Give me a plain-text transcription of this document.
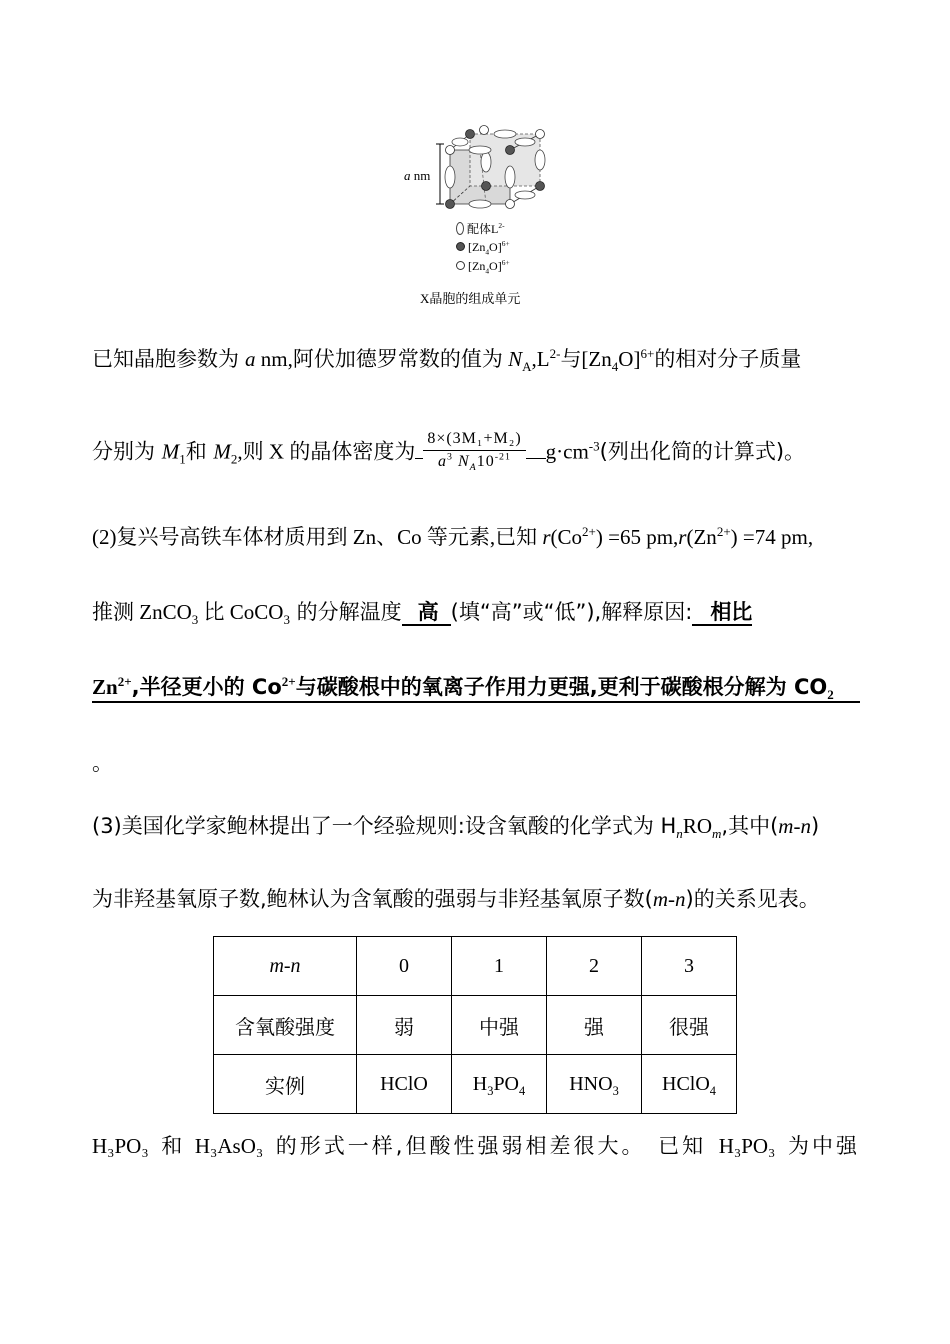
a nm
配体$L^{2-}$
$[Zn_4O]^{6+}$
$[Zn_4O]^{6+}$
X晶胞的组成单元
已知晶胞参数为 a nm,阿伏加德罗常数的值为 $N_A,L^{2-}$与$[Zn_4O]^{6+}$的相对分子质量
分别为 $M_1$和 $M_2$,则 X 的晶体密度为 $\frac{\text{8×(3M₁+M₂)}}{a^3 N_A10^{-21}} g\cdot cm^{-3}$(列出化简的计算式)。
(2)复兴号高铁车体材质用到 Zn、Co 等元素,已知 $r(Co^{2+}) =65$ $pm,r(Zn^{2+}) =74$ pm,
推测 ZnCO$_3$ 比 CoCO$_3$ 的分解温度 高 (填“高”或“低”),解释原因: 相比
$Zn^{2+}$,半径更小的 $Co^{2+}$与碳酸根中的氧离子作用力更强,更利于碳酸根分解为 $CO_2$
。
(3)美国化学家鲍林提出了一个经验规则:设含氧酸的化学式为 $H_nRO_m$,其中(m-n)
为非羟基氧原子数,鲍林认为含氧酸的强弱与非羟基氧原子数(m-n)的关系见表。
m-n	0	1	2	3
含氧酸强度	弱	中强	强	很强
实例	HClO	$H_3PO_4$	$HNO_3$	HClO$_4$
H₃PO₃ 和 H₃AsO₃ 的形式一样,但酸性强弱相差很大。 已知 H₃PO₃ 为中强
